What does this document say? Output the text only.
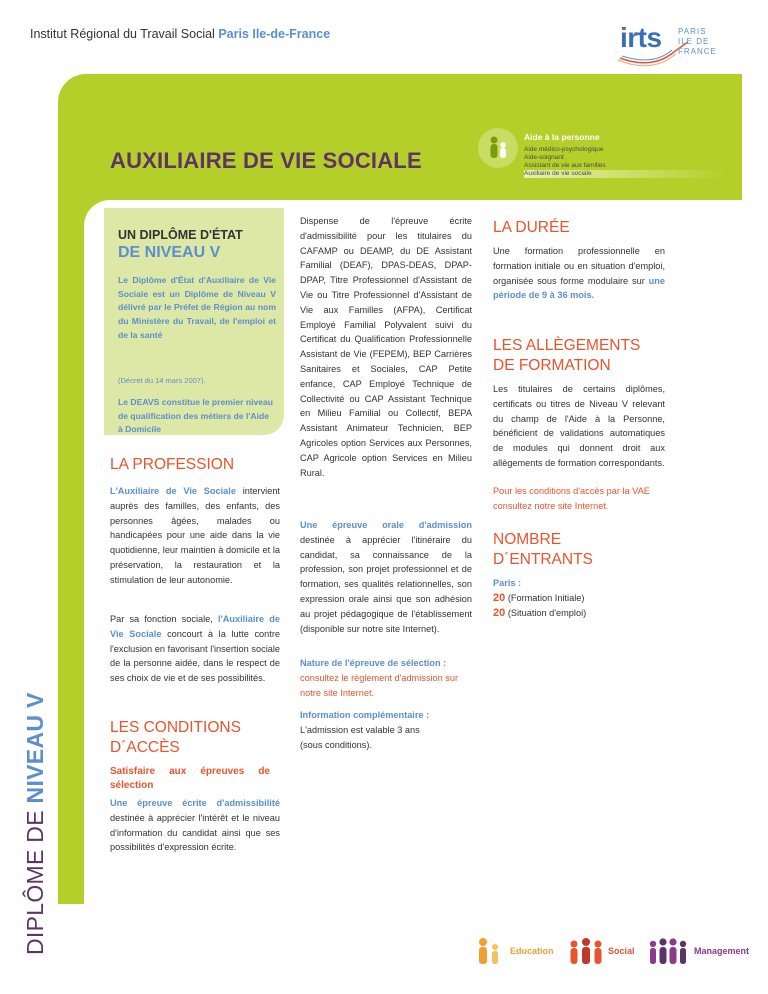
Institut Régional du Travail Social Paris Ile-de-France	irts PARIS
ILE DE FRANCE
AUXILIAIRE DE VIE SOCIALE
Aide à la personne
Aide médico-psychologique
Aide-soignant
Assistant de vie aux familles
Auxiliaire de vie sociale
UN DIPLÔME D'ÉTAT
DE NIVEAU V
Le Diplôme d'État d'Auxiliaire de Vie Sociale est un Diplôme de Niveau V délivré par le Préfet de Région au nom du Ministère du Travail, de l'emploi et de la santé
(Décret du 14 mars 2007).
Le DEAVS constitue le premier niveau de qualification des métiers de l'Aide à Domicile
LA PROFESSION
L'Auxiliaire de Vie Sociale intervient auprès des familles, des enfants, des personnes âgées, malades ou handicapées pour une aide dans la vie quotidienne, leur maintien à domicile et la préservation, la restauration et la stimulation de leur autonomie.
Par sa fonction sociale, l'Auxiliaire de Vie Sociale concourt à la lutte contre l'exclusion en favorisant l'insertion sociale de la personne aidée, dans le respect de ses choix de vie et de ses possibilités.
LES CONDITIONS
D´ACCÈS
Satisfaire aux épreuves de sélection
Une épreuve écrite d'admissibilité destinée à apprécier l'intérêt et le niveau d'information du candidat ainsi que ses possibilités d'expression écrite.
Dispense de l'épreuve écrite d'admissibilité pour les titulaires du CAFAMP ou DEAMP, du DE Assistant Familial (DEAF), DPAS-DEAS, DPAP-DPAP, Titre Professionnel d'Assistant de Vie ou Titre Professionnel d'Assistant de Vie aux Familles (AFPA), Certificat Employé Familial Polyvalent suivi du Certificat du Qualification Professionnelle Assistant de Vie (FEPEM), BEP Carrières Sanitaires et Sociales, CAP Petite enfance, CAP Employé Technique de Collectivité ou CAP Assistant Technique en Milieu Familial ou Collectif, BEPA Assistant Animateur Technicien, BEP Agricoles option Services aux Personnes, CAP Agricole option Services en Milieu Rural.
Une épreuve orale d'admission destinée à apprécier l'itinéraire du candidat, sa connaissance de la profession, son projet professionnel et de formation, ses qualités relationnelles, son expression orale ainsi que son adhésion au projet pédagogique de l'établissement (disponible sur notre site Internet).
Nature de l'épreuve de sélection :
consultez le règlement d'admission sur notre site Internet.
Information complémentaire :
L'admission est valable 3 ans
(sous conditions).
LA DURÉE
Une formation professionnelle en formation initiale ou en situation d'emploi, organisée sous forme modulaire sur une période de 9 à 36 mois.
LES ALLÈGEMENTS
DE FORMATION
Les titulaires de certains diplômes, certificats ou titres de Niveau V relevant du champ de l'Aide à la Personne, bénéficient de validations automatiques de modules qui donnent droit aux allègements de formation correspondants.
Pour les conditions d'accès par la VAE consultez notre site Internet.
NOMBRE
D´ENTRANTS
Paris :
20 (Formation Initiale)
20 (Situation d'emploi)
DIPLÔME DE NIVEAU V
Education	Social	Management
